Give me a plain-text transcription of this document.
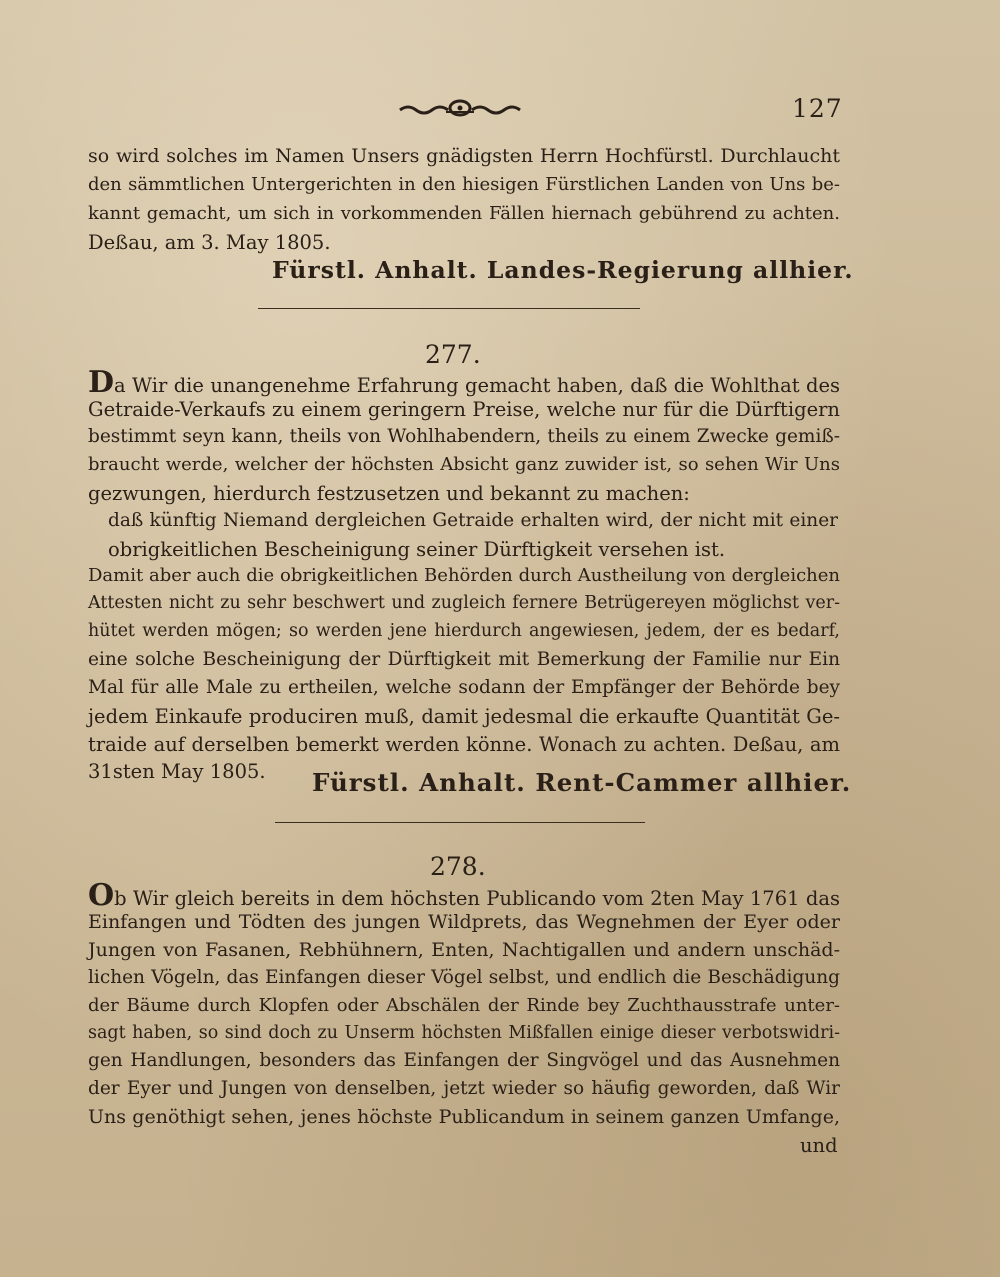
127
so wird solches im Namen Unsers gnädigsten Herrn Hochfürstl. Durchlaucht
den sämmtlichen Untergerichten in den hiesigen Fürstlichen Landen von Uns be-
kannt gemacht, um sich in vorkommenden Fällen hiernach gebührend zu achten.
Deßau, am 3. May 1805.
Fürstl. Anhalt. Landes-Regierung allhier.
277.
Da Wir die unangenehme Erfahrung gemacht haben, daß die Wohlthat des
Getraide-Verkaufs zu einem geringern Preise, welche nur für die Dürftigern
bestimmt seyn kann, theils von Wohlhabendern, theils zu einem Zwecke gemiß-
braucht werde, welcher der höchsten Absicht ganz zuwider ist, so sehen Wir Uns
gezwungen, hierdurch festzusetzen und bekannt zu machen:
daß künftig Niemand dergleichen Getraide erhalten wird, der nicht mit einer
obrigkeitlichen Bescheinigung seiner Dürftigkeit versehen ist.
Damit aber auch die obrigkeitlichen Behörden durch Austheilung von dergleichen
Attesten nicht zu sehr beschwert und zugleich fernere Betrügereyen möglichst ver-
hütet werden mögen; so werden jene hierdurch angewiesen, jedem, der es bedarf,
eine solche Bescheinigung der Dürftigkeit mit Bemerkung der Familie nur Ein
Mal für alle Male zu ertheilen, welche sodann der Empfänger der Behörde bey
jedem Einkaufe produciren muß, damit jedesmal die erkaufte Quantität Ge-
traide auf derselben bemerkt werden könne. Wonach zu achten. Deßau, am
31sten May 1805. Fürstl. Anhalt. Rent-Cammer allhier.
278.
Ob Wir gleich bereits in dem höchsten Publicando vom 2ten May 1761 das
Einfangen und Tödten des jungen Wildprets, das Wegnehmen der Eyer oder
Jungen von Fasanen, Rebhühnern, Enten, Nachtigallen und andern unschäd-
lichen Vögeln, das Einfangen dieser Vögel selbst, und endlich die Beschädigung
der Bäume durch Klopfen oder Abschälen der Rinde bey Zuchthausstrafe unter-
sagt haben, so sind doch zu Unserm höchsten Mißfallen einige dieser verbotswidri-
gen Handlungen, besonders das Einfangen der Singvögel und das Ausnehmen
der Eyer und Jungen von denselben, jetzt wieder so häufig geworden, daß Wir
Uns genöthigt sehen, jenes höchste Publicandum in seinem ganzen Umfange,
und
